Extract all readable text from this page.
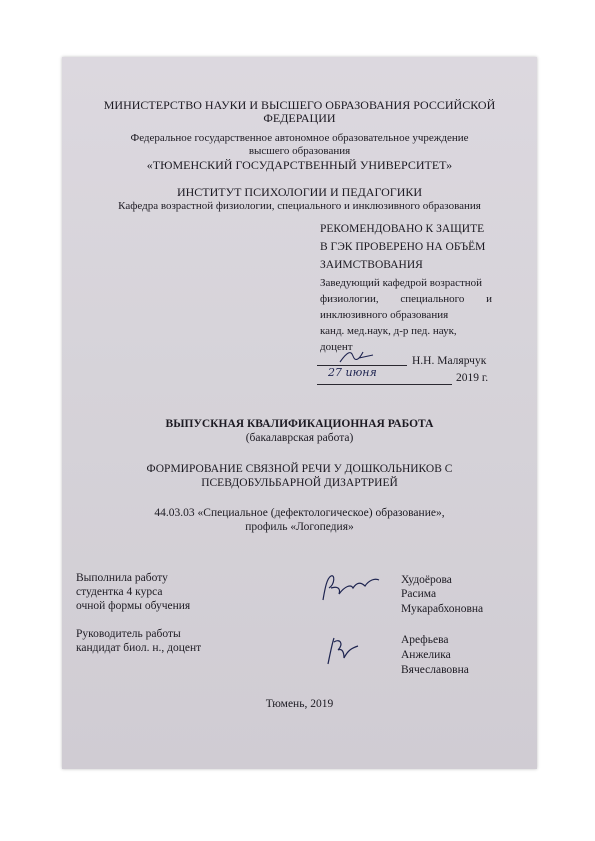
МИНИСТЕРСТВО НАУКИ И ВЫСШЕГО ОБРАЗОВАНИЯ РОССИЙСКОЙ
ФЕДЕРАЦИИ
Федеральное государственное автономное образовательное учреждение
высшего образования
«ТЮМЕНСКИЙ ГОСУДАРСТВЕННЫЙ УНИВЕРСИТЕТ»
ИНСТИТУТ ПСИХОЛОГИИ И ПЕДАГОГИКИ
Кафедра возрастной физиологии, специального и инклюзивного образования
РЕКОМЕНДОВАНО К ЗАЩИТЕ
В ГЭК ПРОВЕРЕНО НА ОБЪЁМ
ЗАИМСТВОВАНИЯ
Заведующий кафедрой возрастной
физиологии, специального и
инклюзивного образования
канд. мед.наук, д-р пед. наук,
доцент
Н.Н. Малярчук
27 июня	2019 г.
ВЫПУСКНАЯ КВАЛИФИКАЦИОННАЯ РАБОТА
(бакалаврская работа)
ФОРМИРОВАНИЕ СВЯЗНОЙ РЕЧИ У ДОШКОЛЬНИКОВ С
ПСЕВДОБУЛЬБАРНОЙ ДИЗАРТРИЕЙ
44.03.03 «Специальное (дефектологическое) образование»,
профиль «Логопедия»
Выполнила работу
студентка 4 курса
очной формы обучения
Худоёрова
Расима
Мукарабхоновна
Руководитель работы
кандидат биол. н., доцент
Арефьева
Анжелика
Вячеславовна
Тюмень, 2019
